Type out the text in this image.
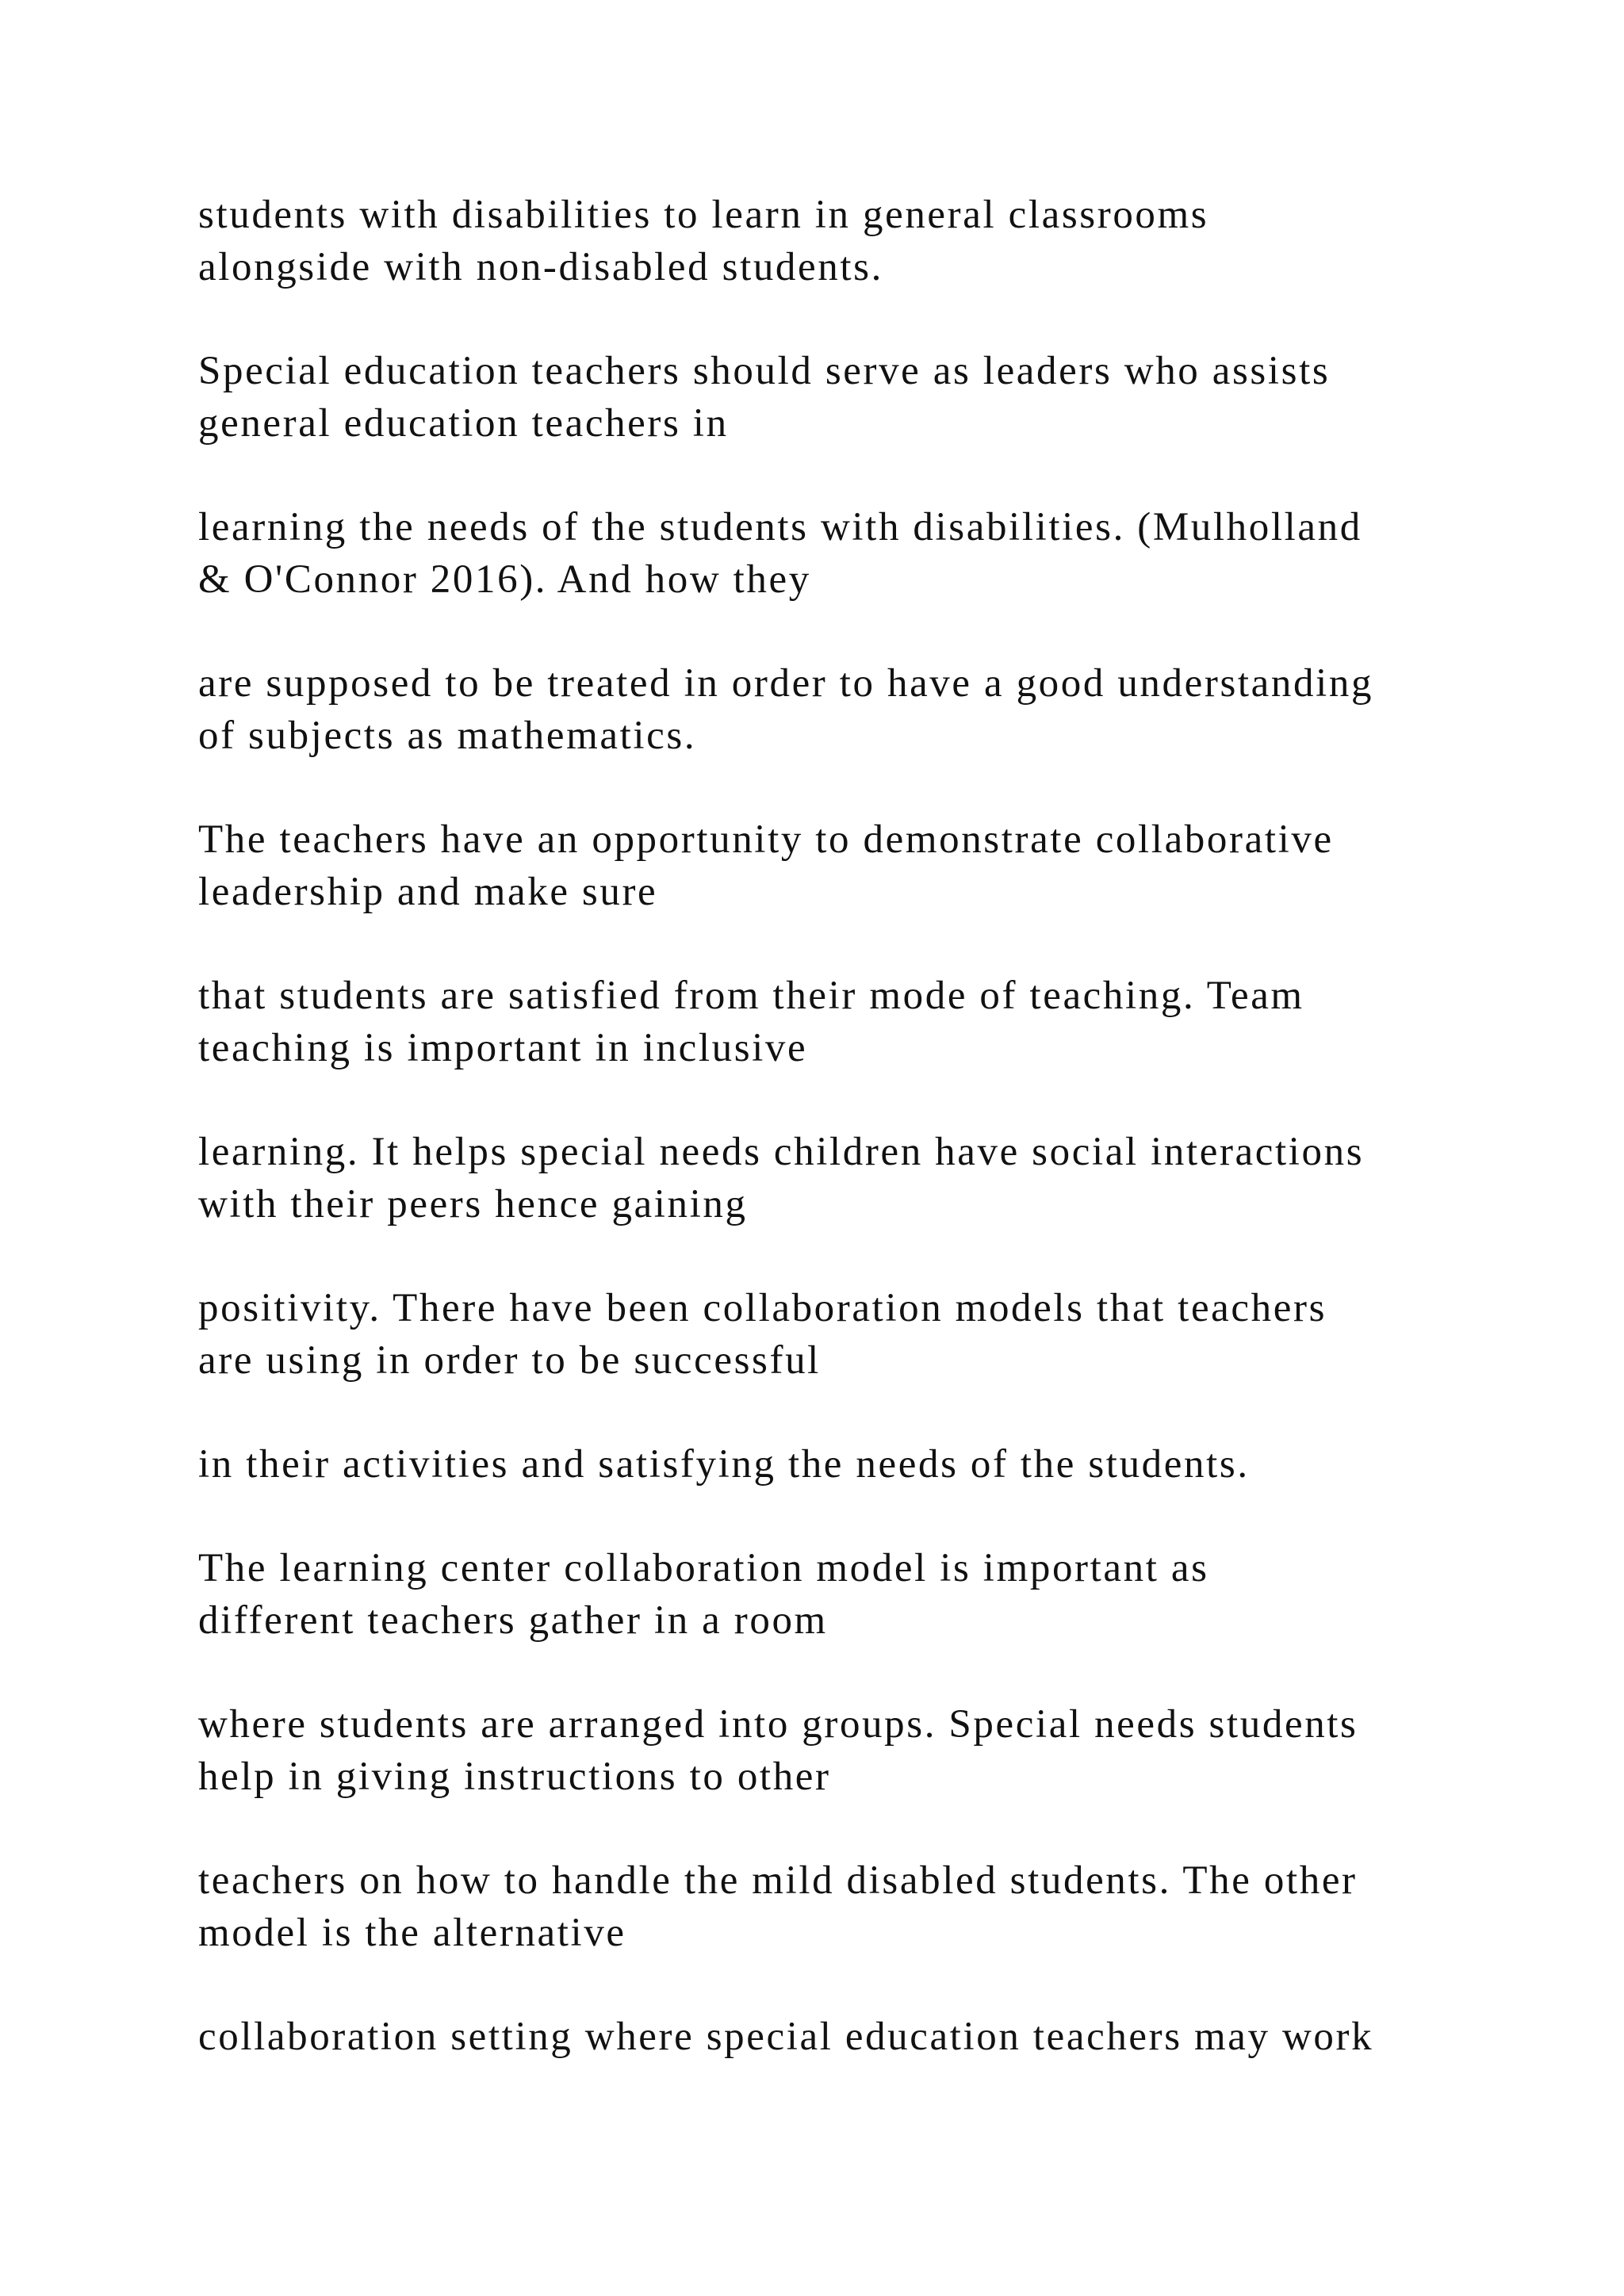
students with disabilities to learn in general classrooms
alongside with non-disabled students.

Special education teachers should serve as leaders who assists
general education teachers in

learning the needs of the students with disabilities. (Mulholland
& O'Connor 2016). And how they

are supposed to be treated in order to have a good understanding
of subjects as mathematics.

The teachers have an opportunity to demonstrate collaborative
leadership and make sure

that students are satisfied from their mode of teaching. Team
teaching is important in inclusive

learning. It helps special needs children have social interactions
with their peers hence gaining

positivity. There have been collaboration models that teachers
are using in order to be successful

in their activities and satisfying the needs of the students.

The learning center collaboration model is important as
different teachers gather in a room

where students are arranged into groups. Special needs students
help in giving instructions to other

teachers on how to handle the mild disabled students. The other
model is the alternative

collaboration setting where special education teachers may work
